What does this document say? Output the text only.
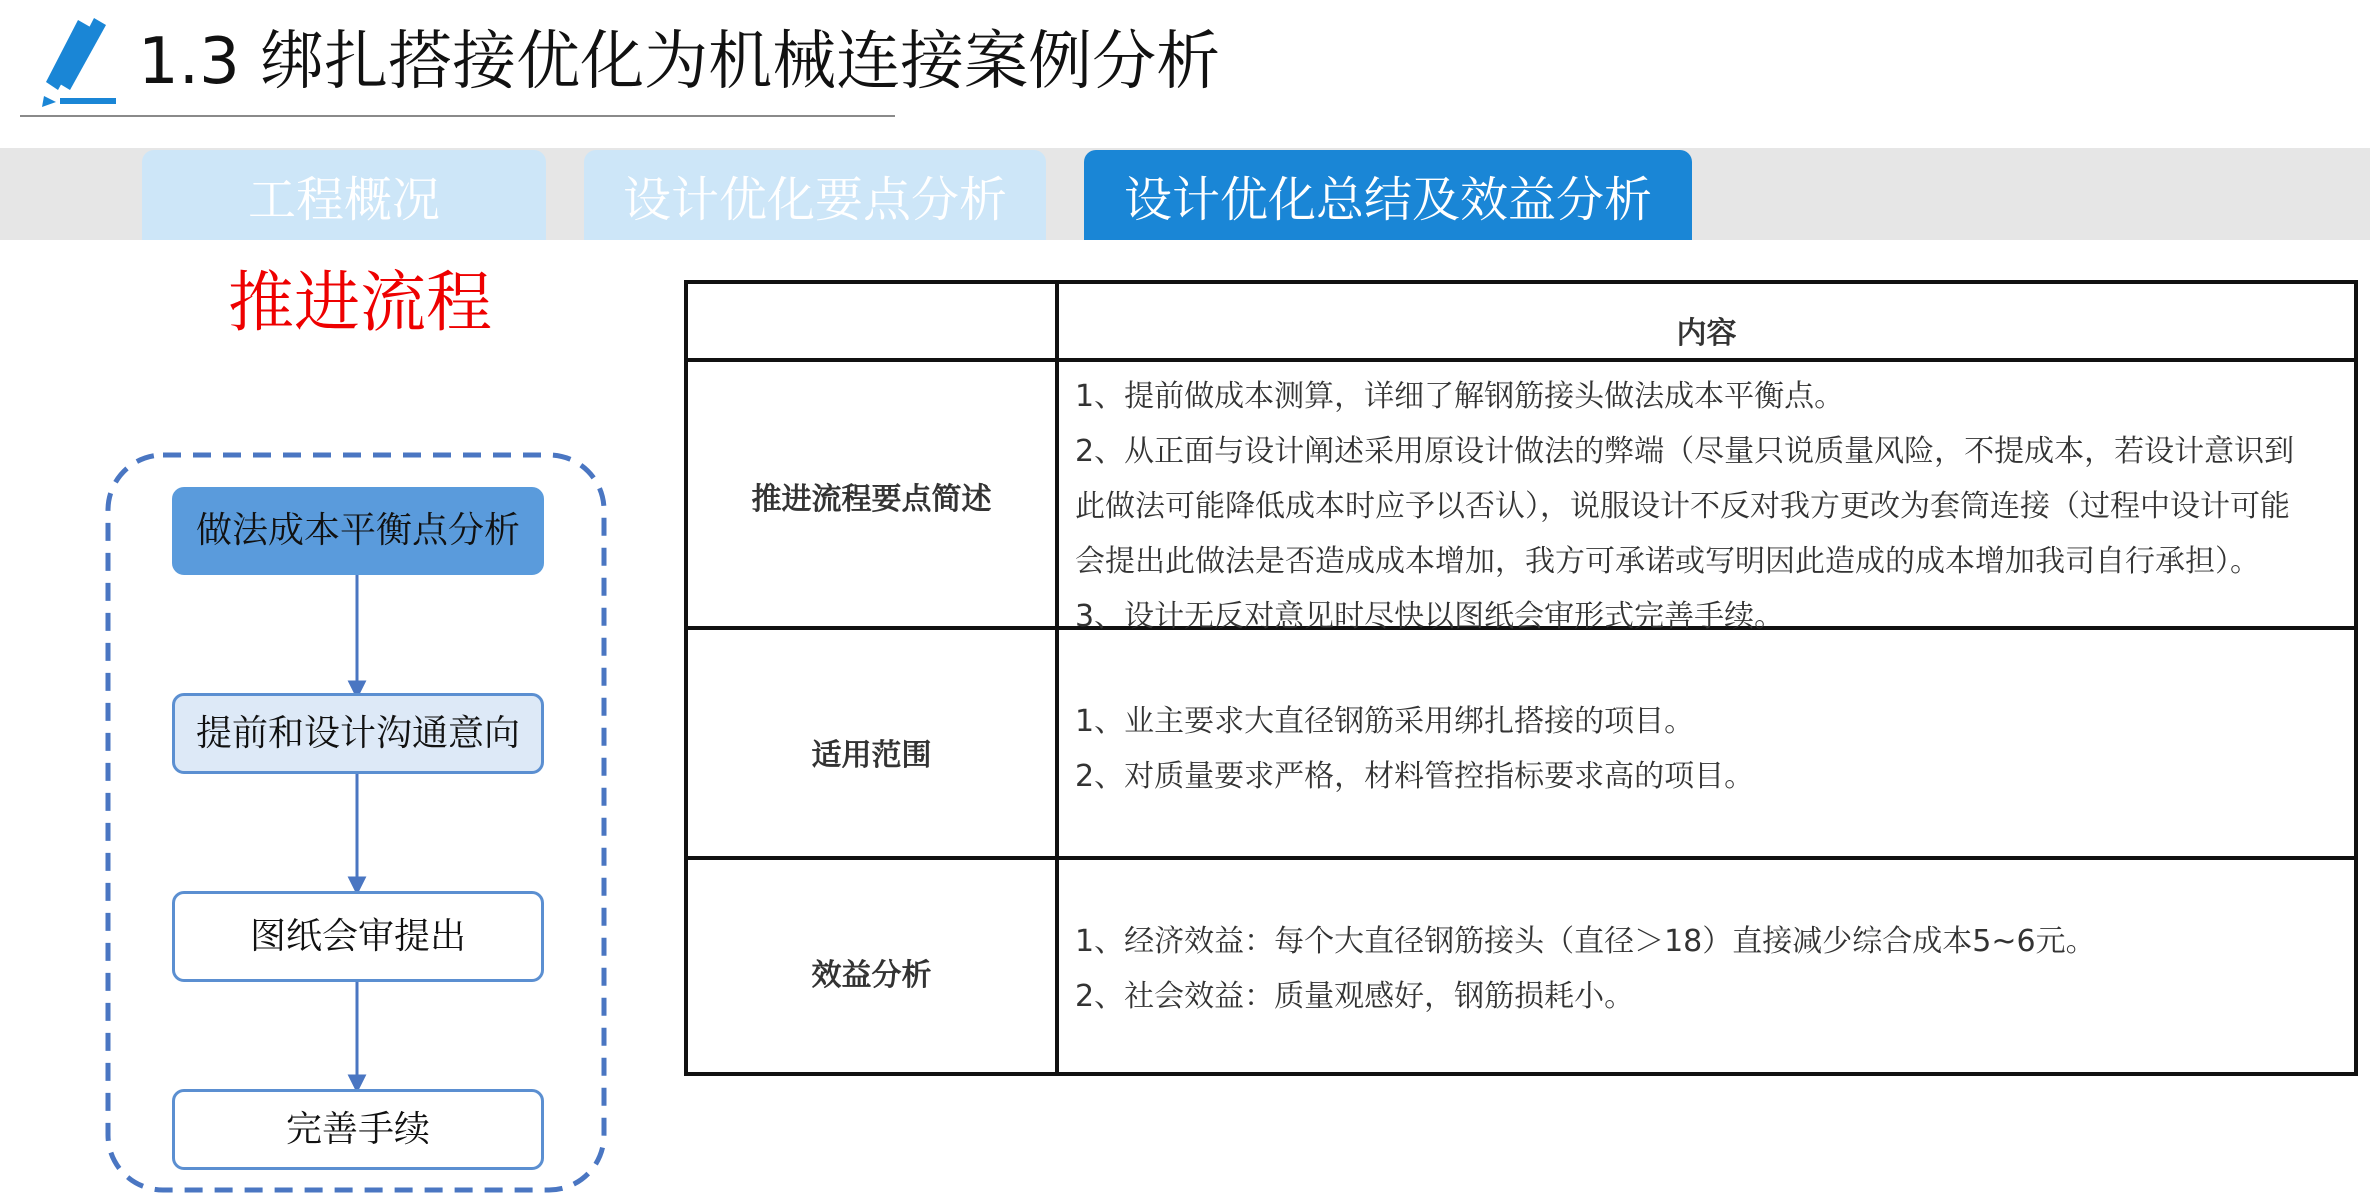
1.3 绑扎搭接优化为机械连接案例分析
工程概况	设计优化要点分析	设计优化总结及效益分析
推进流程
做法成本平衡点分析
提前和设计沟通意向
图纸会审提出
完善手续
内容
推进流程要点简述
1、提前做成本测算，详细了解钢筋接头做法成本平衡点。
2、从正面与设计阐述采用原设计做法的弊端（尽量只说质量风险，不提成本，若设计意识到
此做法可能降低成本时应予以否认），说服设计不反对我方更改为套筒连接（过程中设计可能
会提出此做法是否造成成本增加，我方可承诺或写明因此造成的成本增加我司自行承担）。
3、设计无反对意见时尽快以图纸会审形式完善手续。
适用范围
1、业主要求大直径钢筋采用绑扎搭接的项目。
2、对质量要求严格，材料管控指标要求高的项目。
效益分析
1、经济效益：每个大直径钢筋接头（直径＞18）直接减少综合成本5~6元。
2、社会效益：质量观感好，钢筋损耗小。
